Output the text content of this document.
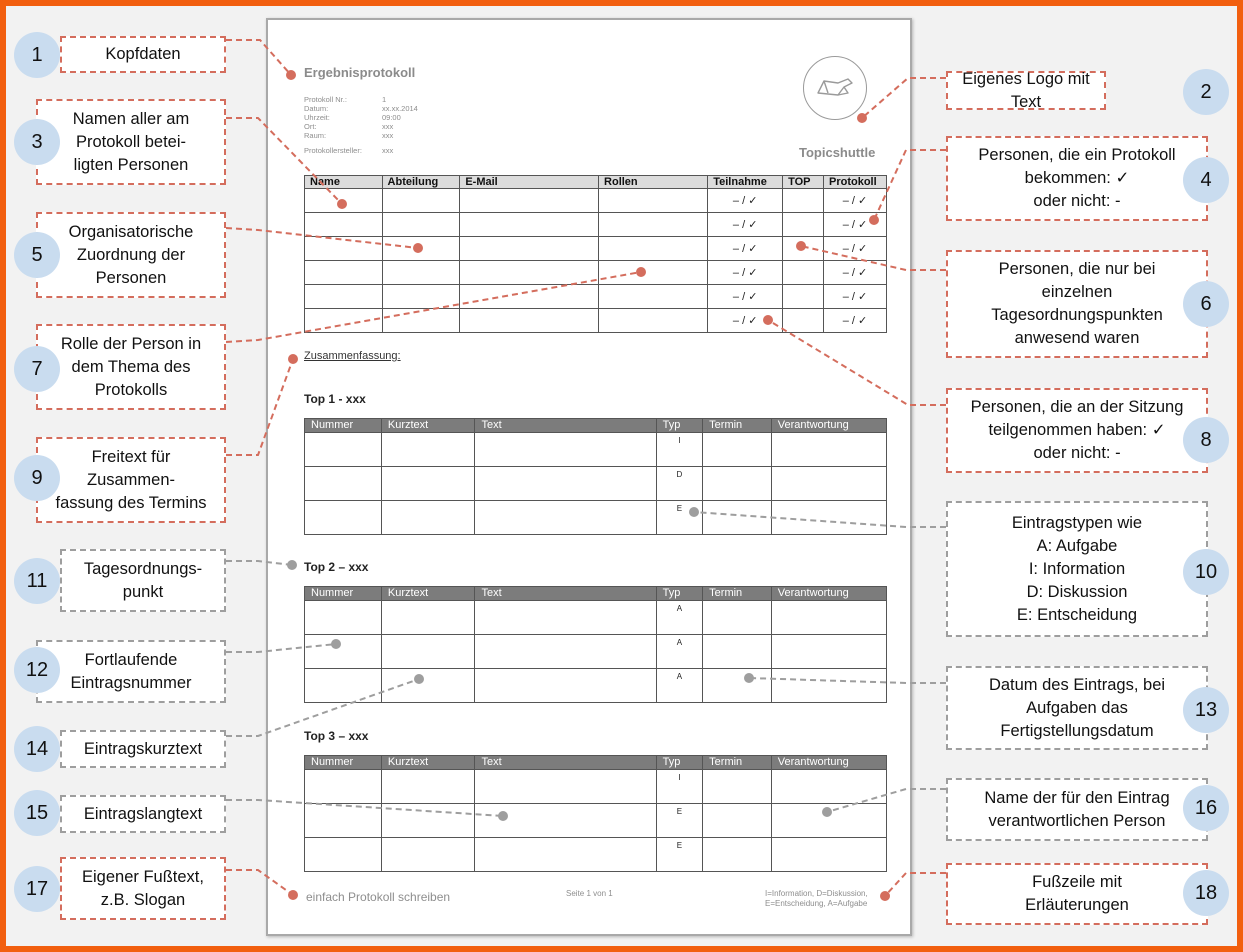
Ergebnisprotokoll
Protokoll Nr.:	1
Datum:	xx.xx.2014
Uhrzeit:	09:00
Ort:	xxx
Raum:	xxx
Protokollersteller:	xxx	Topicshuttle
Name	Abteilung	E-Mail	Rollen	Teilnahme	TOP	Protokoll
				– / ✓		– / ✓
				– / ✓		– / ✓
				– / ✓		– / ✓
				– / ✓		– / ✓
				– / ✓		– / ✓
				– / ✓		– / ✓
Zusammenfassung:
Top 1 - xxx
Nummer	Kurztext	Text	Typ	Termin	Verantwortung
			I		
			D		
			E		
Top 2 – xxx
Nummer	Kurztext	Text	Typ	Termin	Verantwortung
			A		
			A		
			A		
Top 3 – xxx
Nummer	Kurztext	Text	Typ	Termin	Verantwortung
			I		
			E		
			E		
einfach Protokoll schreiben	Seite 1 von 1	I=Information, D=Diskussion,
E=Entscheidung, A=Aufgabe
Kopfdaten
Eigenes Logo mit Text
Namen aller am
Protokoll betei-
ligten Personen
Personen, die ein Protokoll
bekommen: ✓
oder nicht: -
Organisatorische
Zuordnung der
Personen	Personen, die nur bei
einzelnen
Tagesordnungspunkten
anwesend waren
Rolle der Person in
dem Thema des
Protokolls
Personen, die an der Sitzung
teilgenommen haben: ✓
oder nicht: -
Freitext für
Zusammen-
fassung des Termins
Eintragstypen wie
A: Aufgabe
I: Information
D: Diskussion
E: Entscheidung
Tagesordnungs-
punkt
Fortlaufende
Eintragsnummer	Datum des Eintrags, bei
Aufgaben das
Fertigstellungsdatum
Eintragskurztext
Eintragslangtext
Name der für den Eintrag
verantwortlichen Person
Eigener Fußtext,
z.B. Slogan
Fußzeile mit
Erläuterungen
1
2
3
4
5
6
7
8
9
10
11
12
13
14
15	16
17	18
